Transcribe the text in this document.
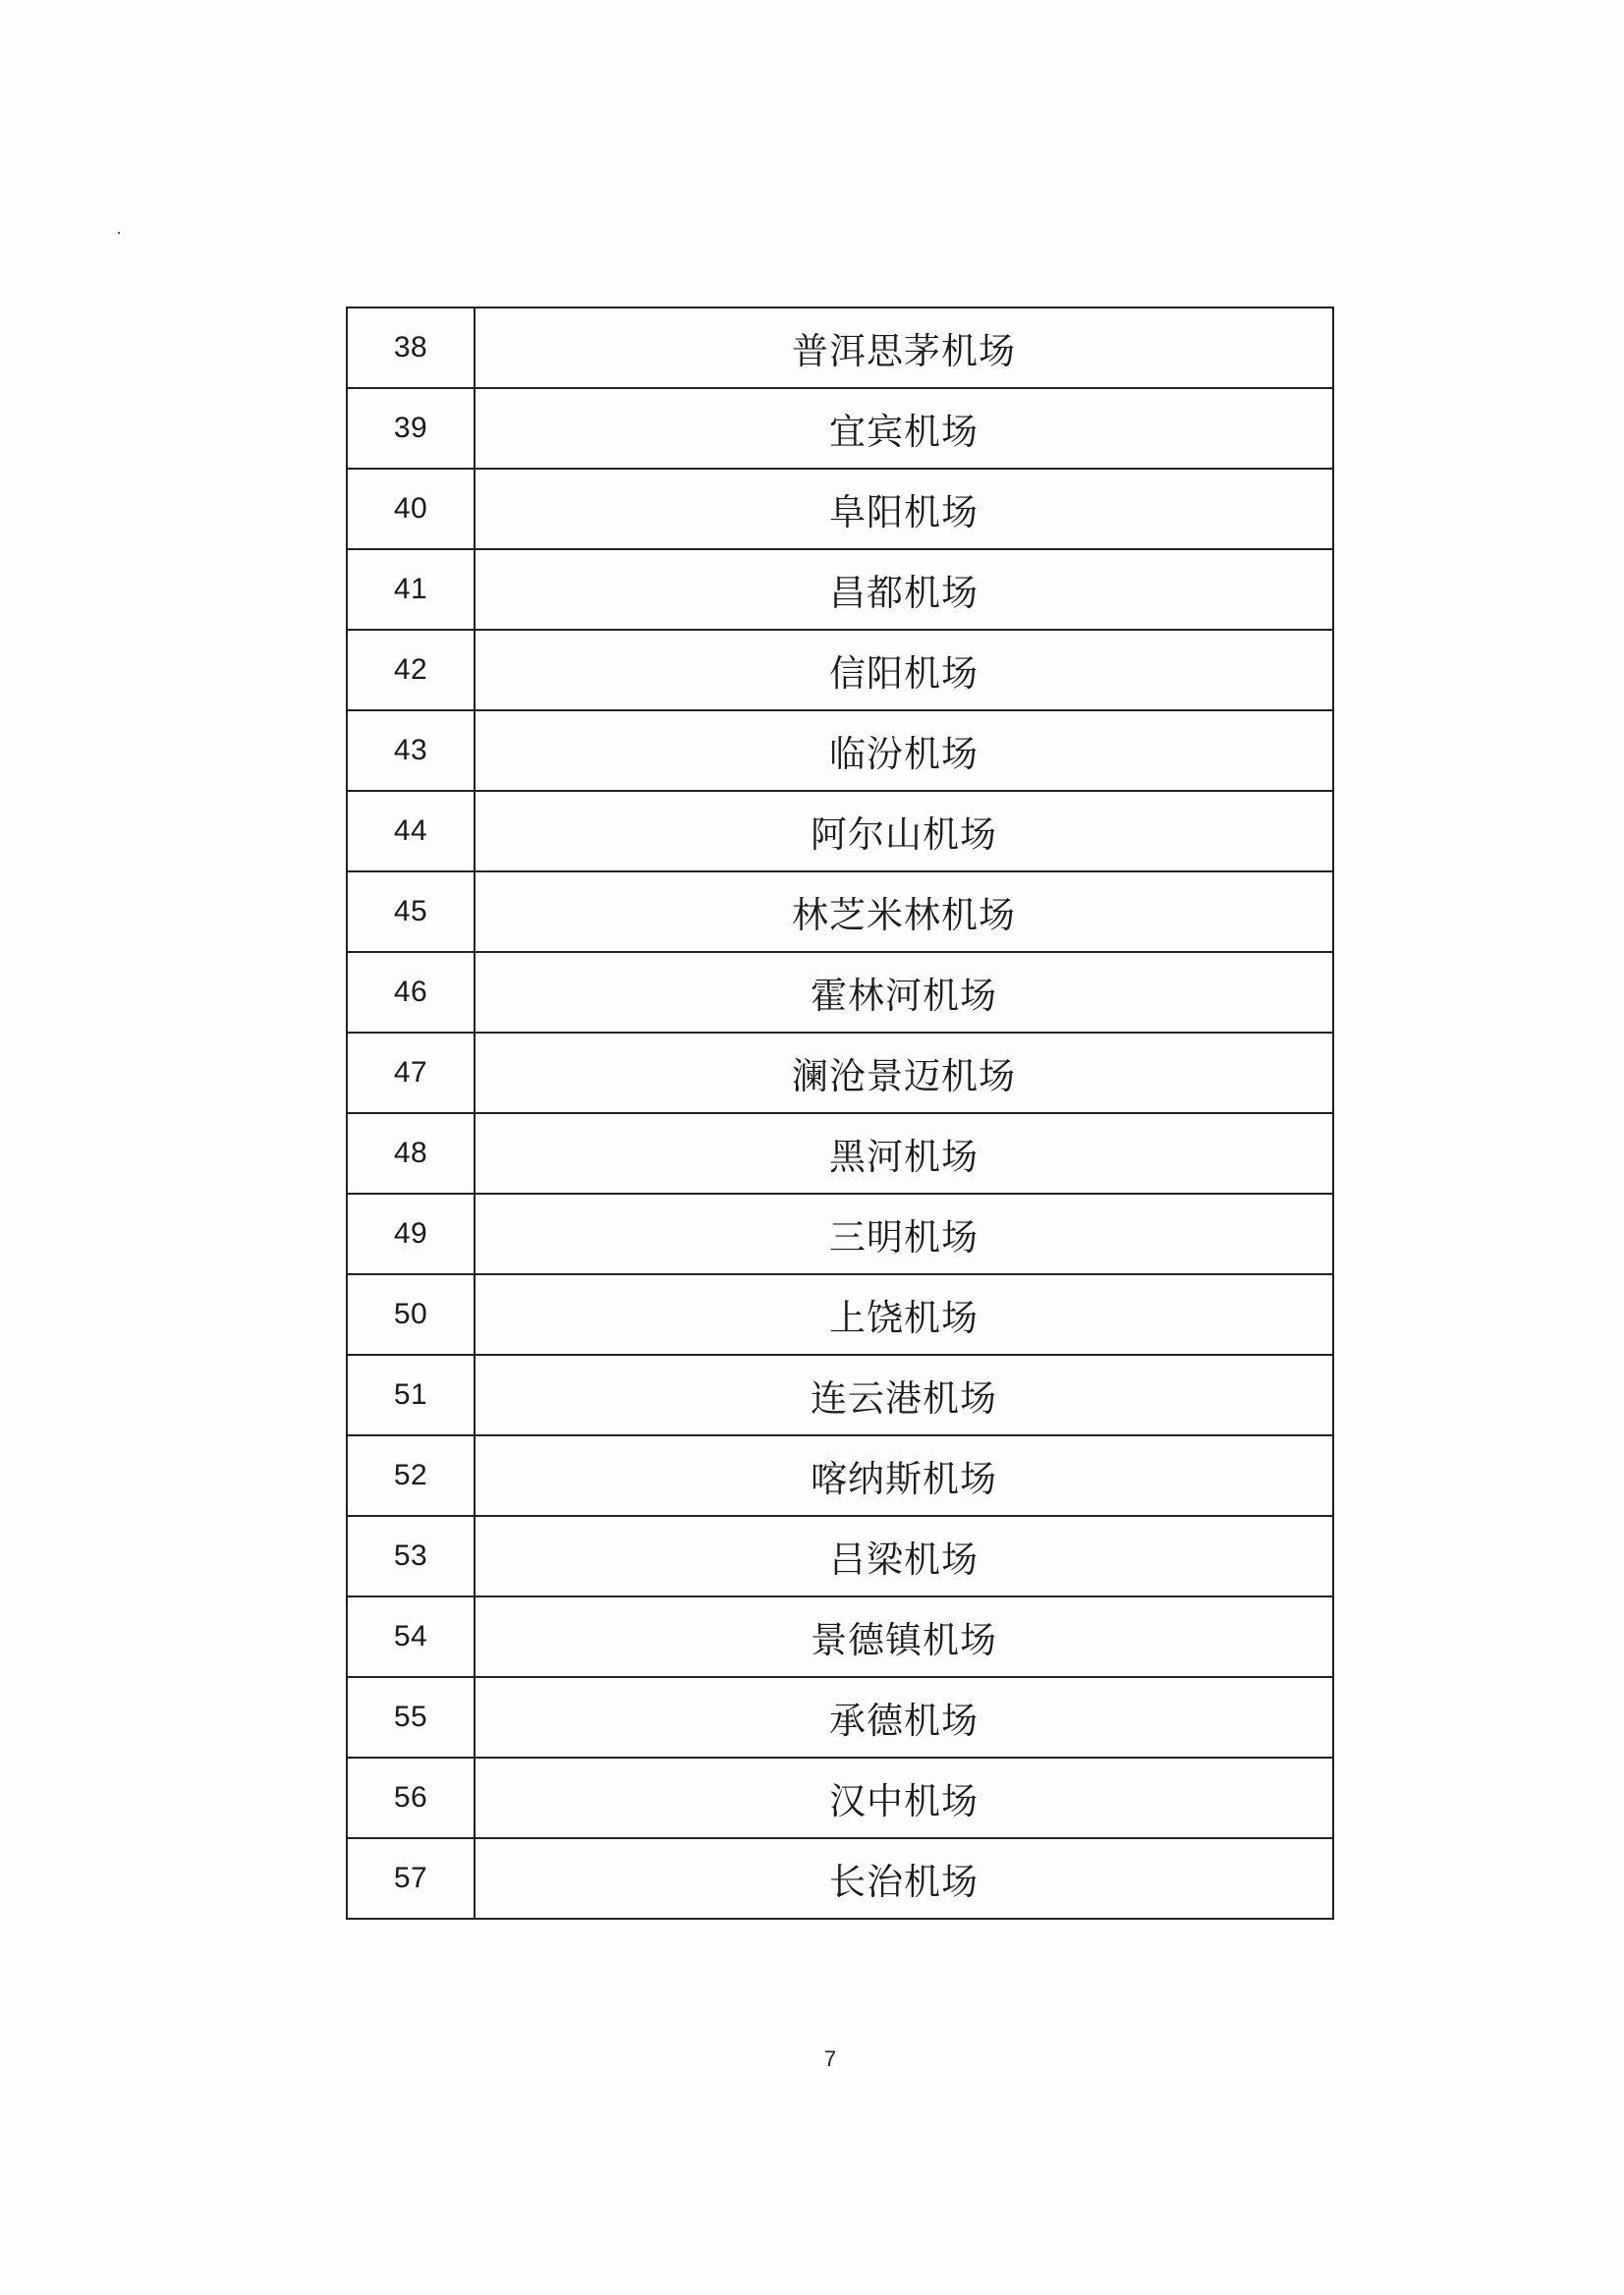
38	普洱思茅机场
39	宜宾机场
40	阜阳机场
41	昌都机场
42	信阳机场
43	临汾机场
44	阿尔山机场
45	林芝米林机场
46	霍林河机场
47	澜沧景迈机场
48	黑河机场
49	三明机场
50	上饶机场
51	连云港机场
52	喀纳斯机场
53	吕梁机场
54	景德镇机场
55	承德机场
56	汉中机场
57	长治机场
7
